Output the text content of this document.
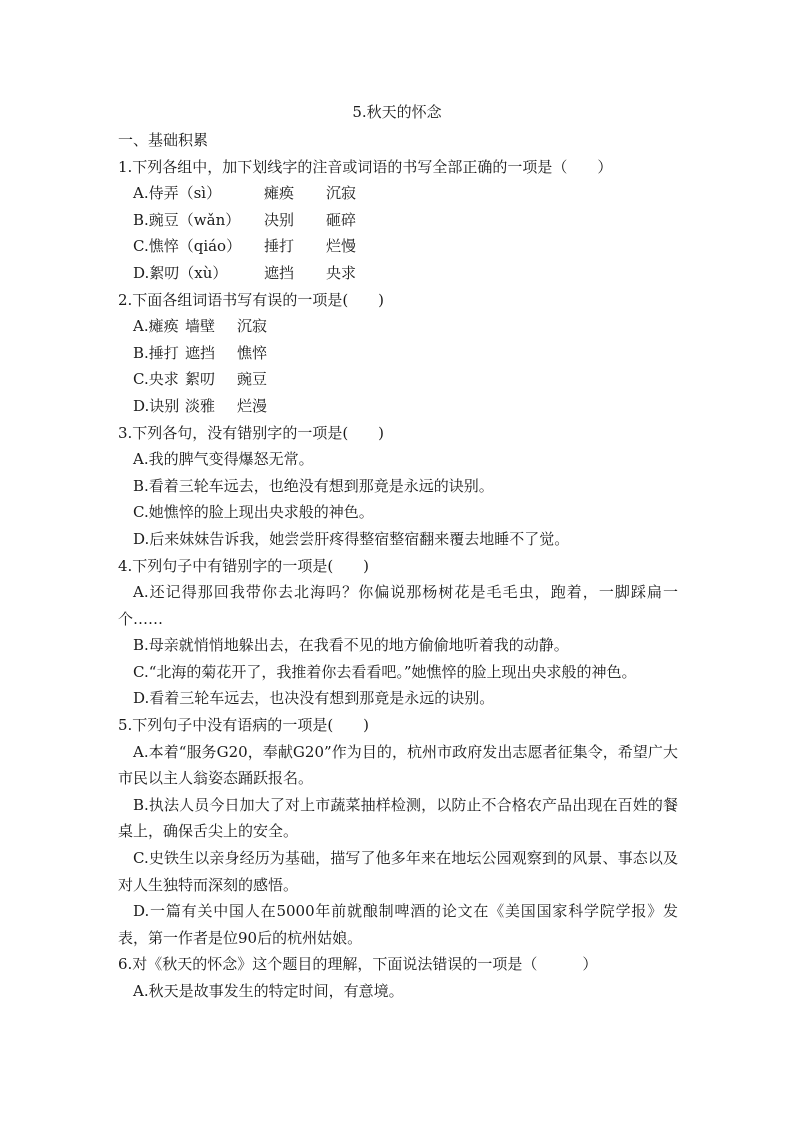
5.秋天的怀念
一、基础积累
1.下列各组中，加下划线字的注音或词语的书写全部正确的一项是（　　）
A.侍弄（sì）	瘫痪 沉寂
B.豌豆（wǎn） 决别 砸碎
C.憔悴（qiáo） 捶打 烂慢
D.絮叨（xù） 遮挡 央求
2.下面各组词语书写有误的一项是(　　)
A.瘫痪 墙壁 沉寂
B.捶打 遮挡 憔悴
C.央求 絮叨 豌豆
D.诀别 淡雅 烂漫
3.下列各句，没有错别字的一项是(　　)
A.我的脾气变得爆怒无常。
B.看着三轮车远去，也绝没有想到那竟是永远的诀别。
C.她憔悴的脸上现出央求般的神色。
D.后来妹妹告诉我，她尝尝肝疼得整宿整宿翻来覆去地睡不了觉。
4.下列句子中有错别字的一项是(　　)
A.还记得那回我带你去北海吗？你偏说那杨树花是毛毛虫，跑着，一脚踩扁一个……
B.母亲就悄悄地躲出去，在我看不见的地方偷偷地听着我的动静。
C.“北海的菊花开了，我推着你去看看吧。”她憔悴的脸上现出央求般的神色。
D.看着三轮车远去，也决没有想到那竟是永远的诀别。
5.下列句子中没有语病的一项是(　　)
A.本着“服务G20，奉献G20”作为目的，杭州市政府发出志愿者征集令，希望广大市民以主人翁姿态踊跃报名。
B.执法人员今日加大了对上市蔬菜抽样检测，以防止不合格农产品出现在百姓的餐桌上，确保舌尖上的安全。
C.史铁生以亲身经历为基础，描写了他多年来在地坛公园观察到的风景、事态以及对人生独特而深刻的感悟。
D.一篇有关中国人在5000年前就酿制啤酒的论文在《美国国家科学院学报》发表，第一作者是位90后的杭州姑娘。
6.对《秋天的怀念》这个题目的理解，下面说法错误的一项是（　　　）
A.秋天是故事发生的特定时间，有意境。
